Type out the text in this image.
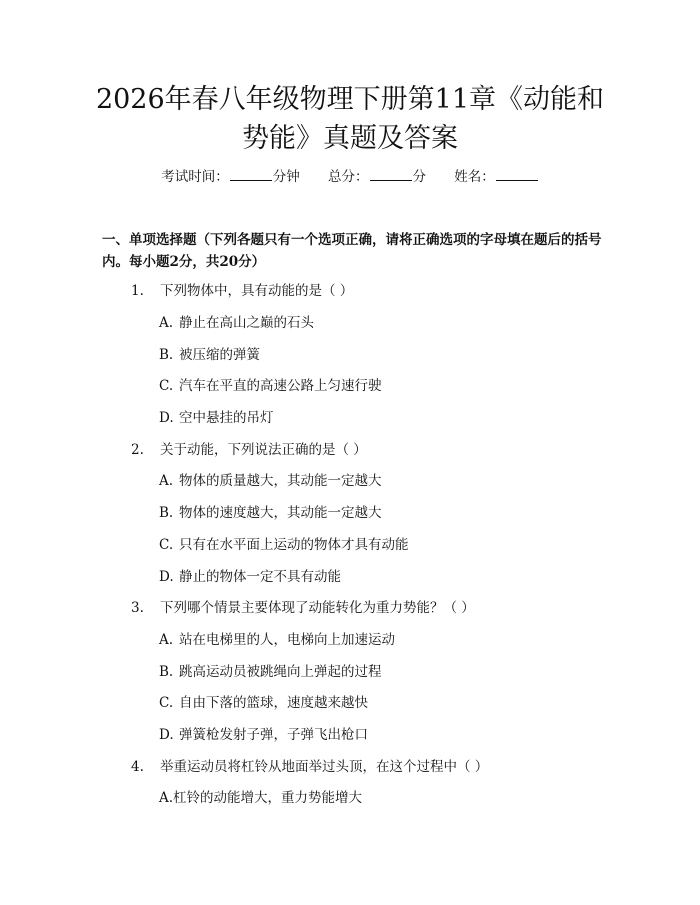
2026年春八年级物理下册第11章《动能和势能》真题及答案
考试时间：	分钟 总分：	分 姓名：
一、单项选择题（下列各题只有一个选项正确，请将正确选项的字母填在题后的括号内。每小题2分，共20分）
1. 下列物体中，具有动能的是（ ）
A. 静止在高山之巅的石头
B. 被压缩的弹簧
C. 汽车在平直的高速公路上匀速行驶
D. 空中悬挂的吊灯
2. 关于动能，下列说法正确的是（ ）
A. 物体的质量越大，其动能一定越大
B. 物体的速度越大，其动能一定越大
C. 只有在水平面上运动的物体才具有动能
D. 静止的物体一定不具有动能
3. 下列哪个情景主要体现了动能转化为重力势能？（ ）
A. 站在电梯里的人，电梯向上加速运动
B. 跳高运动员被跳绳向上弹起的过程
C. 自由下落的篮球，速度越来越快
D. 弹簧枪发射子弹，子弹飞出枪口
4. 举重运动员将杠铃从地面举过头顶，在这个过程中（ ）
A.杠铃的动能增大，重力势能增大
